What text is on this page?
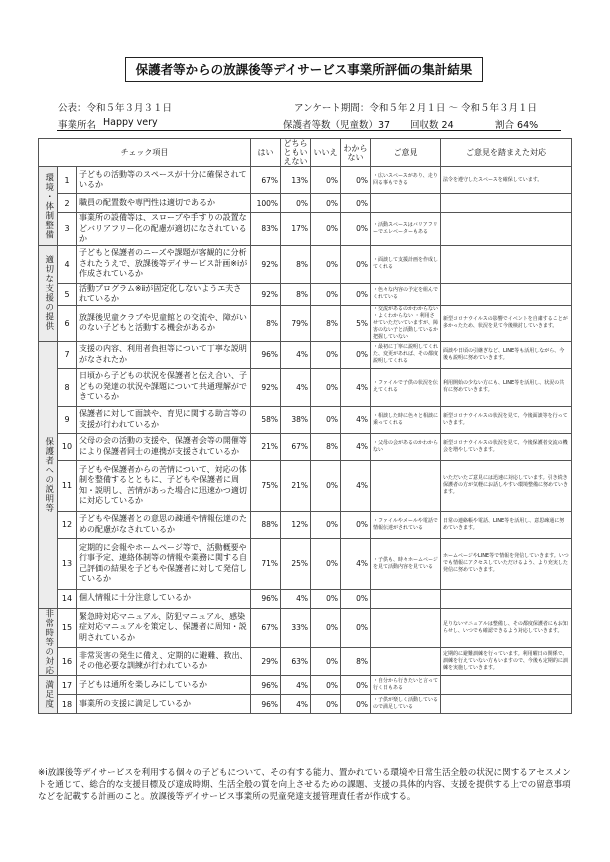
保護者等からの放課後等デイサービス事業所評価の集計結果
公表：令和５年３月３１日	アンケート期間：令和５年２月１日 ～ 令和５年３月１日
事業所名 Happy very	保護者等数（児童数）37 回収数 24	割合 64%
チェック項目			はい	どちらともいえない	いいえ	わからない	ご意見	ご意見を踏まえた対応
環境・体制整備	1	子どもの活動等のスペースが十分に確保されているか	67%	13%	0%	0%	・広いスペースがあり、走り回る事もできる	法令を遵守したスペースを確保しています。
	2	職員の配置数や専門性は適切であるか	100%	0%	0%	0%		
	3	事業所の設備等は、スロープや手すりの設置などバリアフリー化の配慮が適切になされているか	83%	17%	0%	0%	・活動スペースはバリアフリーでエレベーターもある	
適切な支援の提供	4	子どもと保護者のニーズや課題が客観的に分析されたうえで、放課後等デイサービス計画※ⅰが作成されているか	92%	8%	0%	0%	・面談して支援計画を作成してくれる	
	5	活動プログラム※ⅱが固定化しないようエ夫されているか	92%	8%	0%	0%	・色々な内容の予定を組んでくれている	
	6	放課後児童クラブや児童館との交流や、障がいのない子どもと活動する機会があるか	8%	79%	8%	5%	・交流があるのかわからない ・よくわからない ・利用させていただいていますが、障害のない子と活動しているか把握していない	新型コロナウイルスの影響でイベントを自粛することが多かったため、状況を見て今後検討していきます。
保護者への説明等	7	支援の内容、利用者負担等について丁寧な説明がなされたか	96%	4%	0%	0%	・最初に丁寧に説明してくれた、変更があれば、その都度説明してくれる	面談や日頃の引継ぎなど、LINE等も活用しながら、今後も説明に努めていきます。
	8	日頃から子どもの状況を保護者と伝え合い、子どもの発達の状況や課題について共通理解ができているか	92%	4%	0%	4%	・ファイルで子供の状況を伝えてくれる	利用開始の少ない方にも、LINE等を活用し、状況の共有に努めていきます。
	9	保護者に対して面談や、育児に関する助言等の支援が行われているか	58%	38%	0%	4%	・相談した時に色々と相談に乗ってくれる	新型コロナウイルスの状況を見て、今後面談等を行っていきます。
	10	父母の会の活動の支援や、保護者会等の開催等により保護者同士の連携が支援されているか	21%	67%	8%	4%	・父母の会があるのかわからない	新型コロナウイルスの状況を見て、今後保護者交流の機会を増やしていきます。
	11	子どもや保護者からの苦情について、対応の体制を整備するとともに、子どもや保護者に周知・説明し、苦情があった場合に迅速かつ適切に対応しているか	75%	21%	0%	4%		いただいたご意見には迅速に対応しています。引き続き保護者の方が気軽にお話しやすい環境整備に努めていきます。
	12	子どもや保護者との意思の疎通や情報伝達のための配慮がなされているか	88%	12%	0%	0%	・ファイルやメールや電話で情報伝達がされている	日常の連絡帳や電話、LINE等を活用し、意思疎通に努めていきます。
	13	定期的に会報やホームページ等で、活動概要や行事予定、連絡体制等の情報や業務に関する自己評価の結果を子どもや保護者に対して発信しているか	71%	25%	0%	4%	・子供も、時々ホームページを見て活動内容を見ている	ホームページやLINE等で情報を発信していきます。いつでも情報にアクセスしていただけるよう、より充実した発信に努めていきます。
	14	個人情報に十分注意しているか	96%	4%	0%	0%		
非常時等の対応	15	緊急時対応マニュアル、防犯マニュアル、感染症対応マニュアルを策定し、保護者に周知・説明されているか	67%	33%	0%	0%		足りないマニュアルは整備し、その都度保護者にもお知らせし、いつでも確認できるよう対応していきます。
	16	非常災害の発生に備え、定期的に避難、救出、その他必要な訓練が行われているか	29%	63%	0%	8%		定期的に避難訓練を行っています。利用曜日の関係で、訓練を行えていない方もいますので、今後も定期的に訓練を実施していきます。
満足度	17	子どもは通所を楽しみにしているか	96%	4%	0%	0%	・自分から行きたいと言って行く日もある	
	18	事業所の支援に満足しているか	96%	4%	0%	0%	・子供が楽しく活動しているので満足している	
※ⅰ放課後等デイサービスを利用する個々の子どもについて、その有する能力、置かれている環境や日常生活全般の状況に関するアセスメントを通じて、総合的な支援目標及び達成時期、生活全般の質を向上させるための課題、支援の具体的内容、支援を提供する上での留意事項などを記載する計画のこと。放課後等デイサービス事業所の児童発達支援管理責任者が作成する。
